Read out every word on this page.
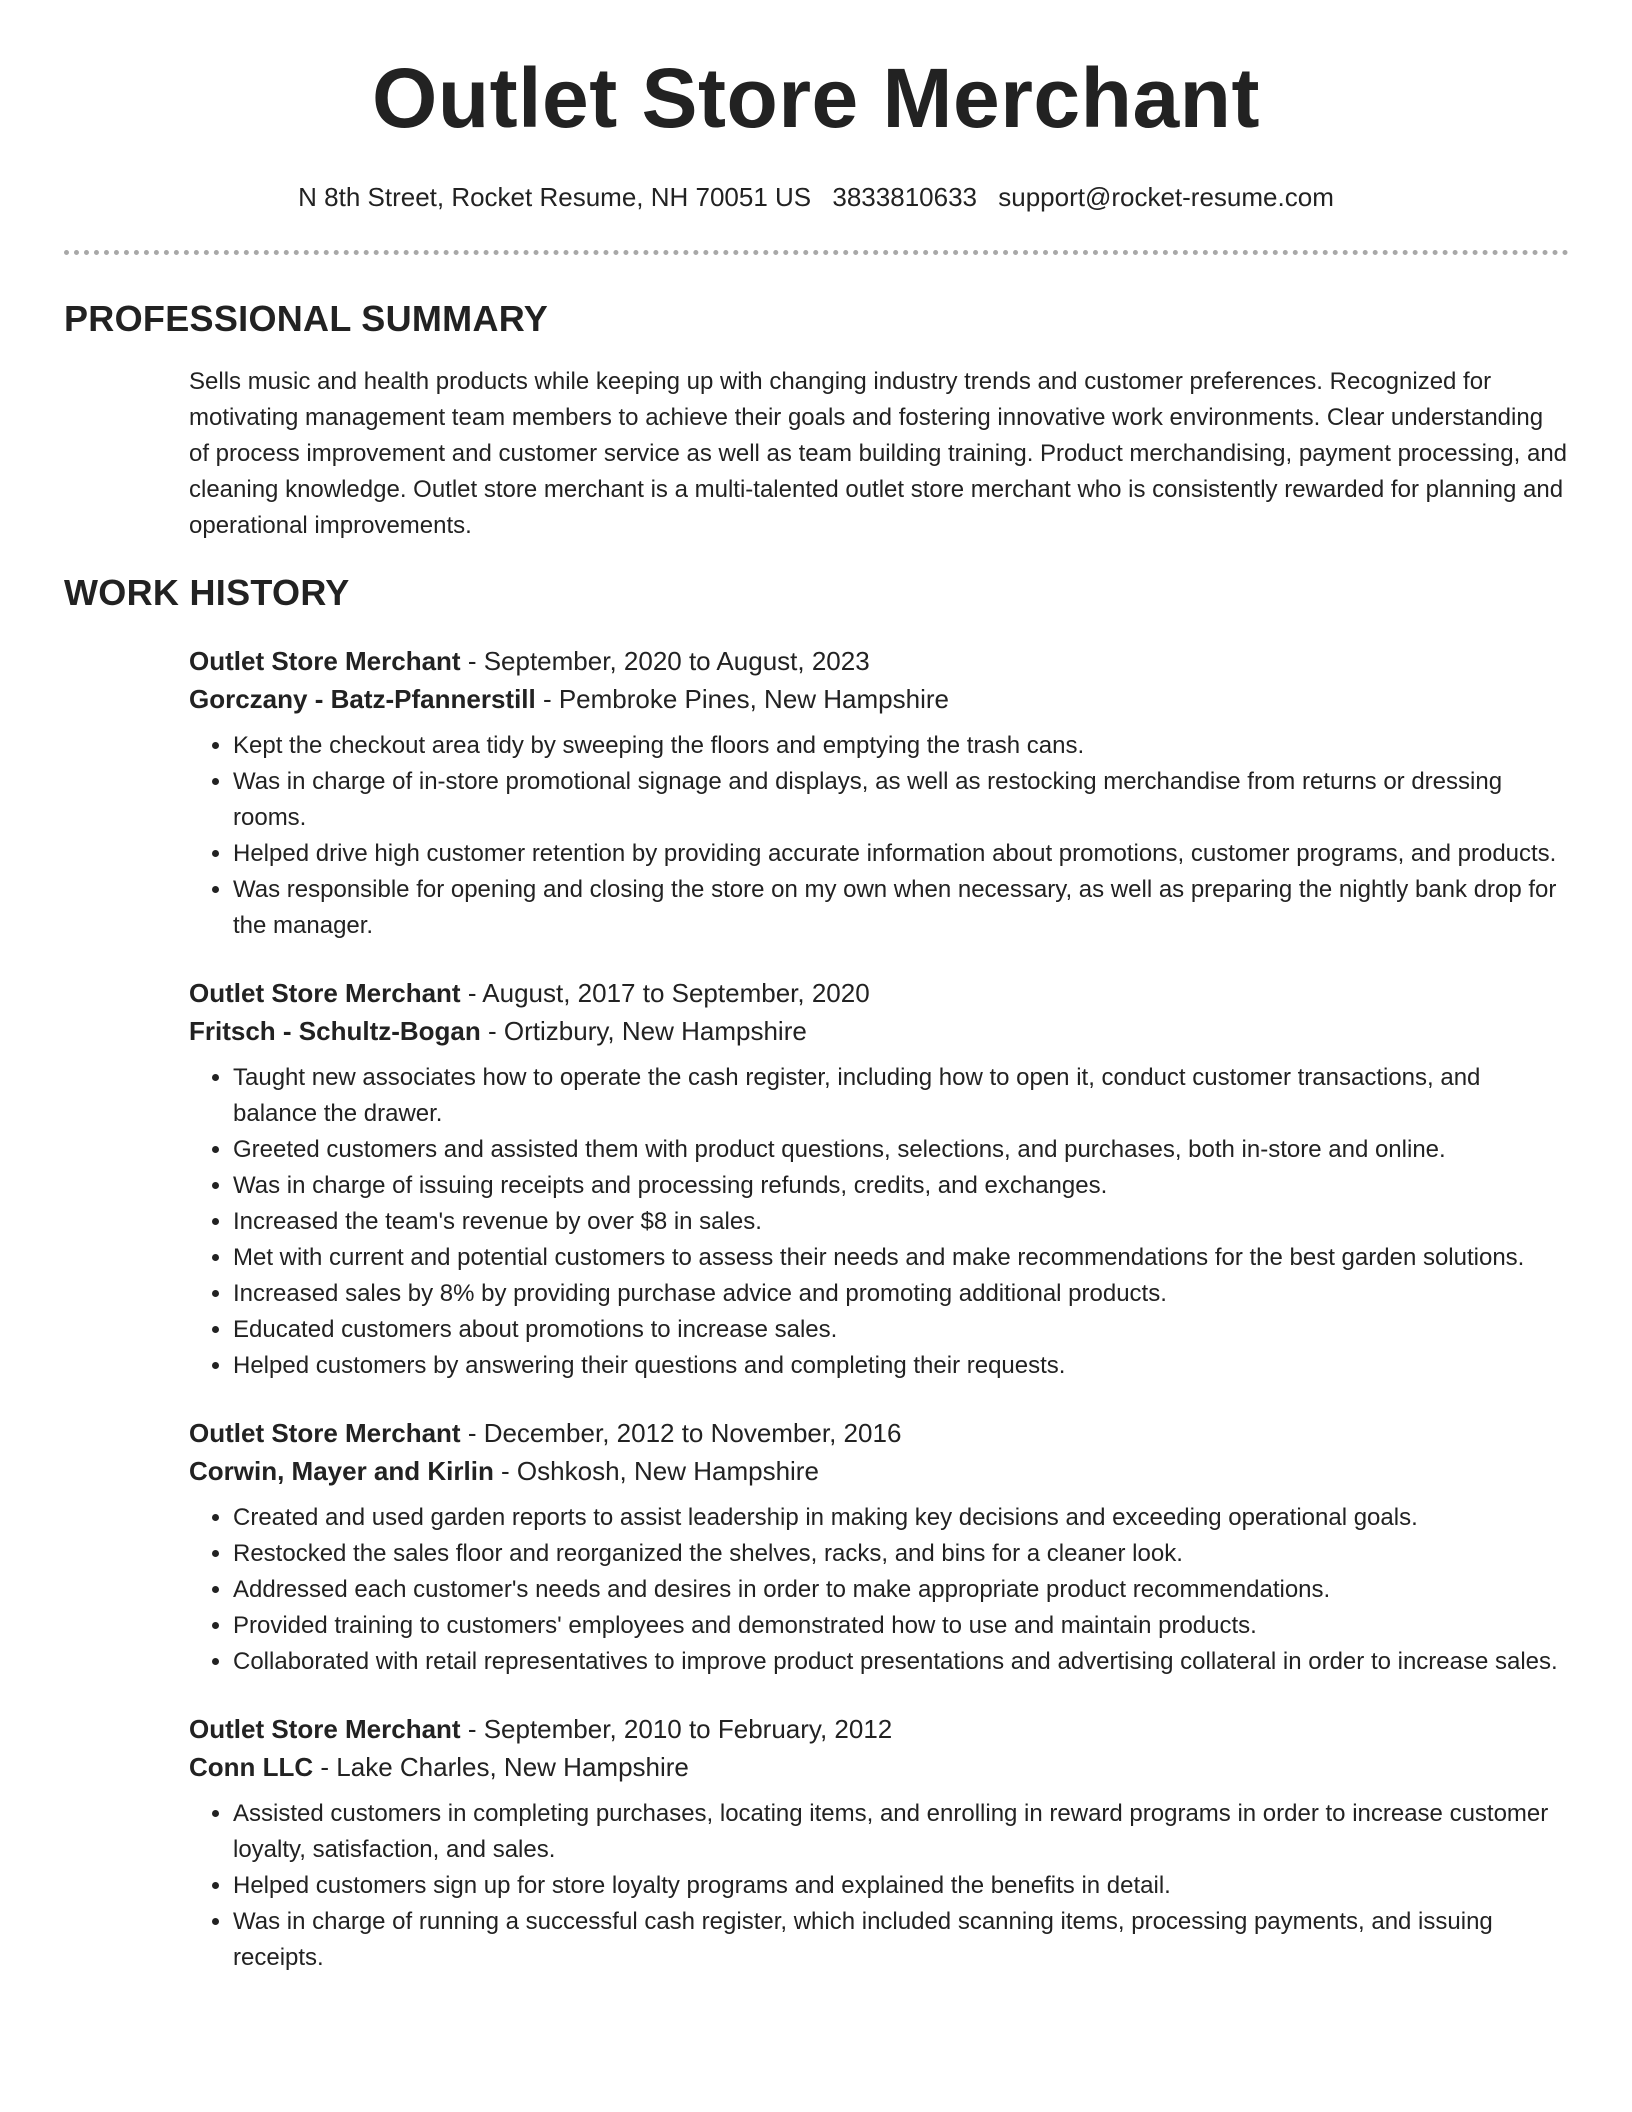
Outlet Store Merchant
N 8th Street, Rocket Resume, NH 70051 US 3833810633 support@rocket-resume.com
PROFESSIONAL SUMMARY

Sells music and health products while keeping up with changing industry trends and customer preferences. Recognized for motivating management team members to achieve their goals and fostering innovative work environments. Clear understanding of process improvement and customer service as well as team building training. Product merchandising, payment processing, and cleaning knowledge. Outlet store merchant is a multi-talented outlet store merchant who is consistently rewarded for planning and operational improvements.

WORK HISTORY
Outlet Store Merchant - September, 2020 to August, 2023
Gorczany - Batz-Pfannerstill - Pembroke Pines, New Hampshire
• Kept the checkout area tidy by sweeping the floors and emptying the trash cans.
• Was in charge of in-store promotional signage and displays, as well as restocking merchandise from returns or dressing rooms.
• Helped drive high customer retention by providing accurate information about promotions, customer programs, and products.
• Was responsible for opening and closing the store on my own when necessary, as well as preparing the nightly bank drop for the manager.
Outlet Store Merchant - August, 2017 to September, 2020
Fritsch - Schultz-Bogan - Ortizbury, New Hampshire
• Taught new associates how to operate the cash register, including how to open it, conduct customer transactions, and balance the drawer.
• Greeted customers and assisted them with product questions, selections, and purchases, both in-store and online.
• Was in charge of issuing receipts and processing refunds, credits, and exchanges.
• Increased the team's revenue by over $8 in sales.
• Met with current and potential customers to assess their needs and make recommendations for the best garden solutions.
• Increased sales by 8% by providing purchase advice and promoting additional products.
• Educated customers about promotions to increase sales.
• Helped customers by answering their questions and completing their requests.
Outlet Store Merchant - December, 2012 to November, 2016
Corwin, Mayer and Kirlin - Oshkosh, New Hampshire
• Created and used garden reports to assist leadership in making key decisions and exceeding operational goals.
• Restocked the sales floor and reorganized the shelves, racks, and bins for a cleaner look.
• Addressed each customer's needs and desires in order to make appropriate product recommendations.
• Provided training to customers' employees and demonstrated how to use and maintain products.
• Collaborated with retail representatives to improve product presentations and advertising collateral in order to increase sales.
Outlet Store Merchant - September, 2010 to February, 2012
Conn LLC - Lake Charles, New Hampshire
• Assisted customers in completing purchases, locating items, and enrolling in reward programs in order to increase customer loyalty, satisfaction, and sales.
• Helped customers sign up for store loyalty programs and explained the benefits in detail.
• Was in charge of running a successful cash register, which included scanning items, processing payments, and issuing receipts.
